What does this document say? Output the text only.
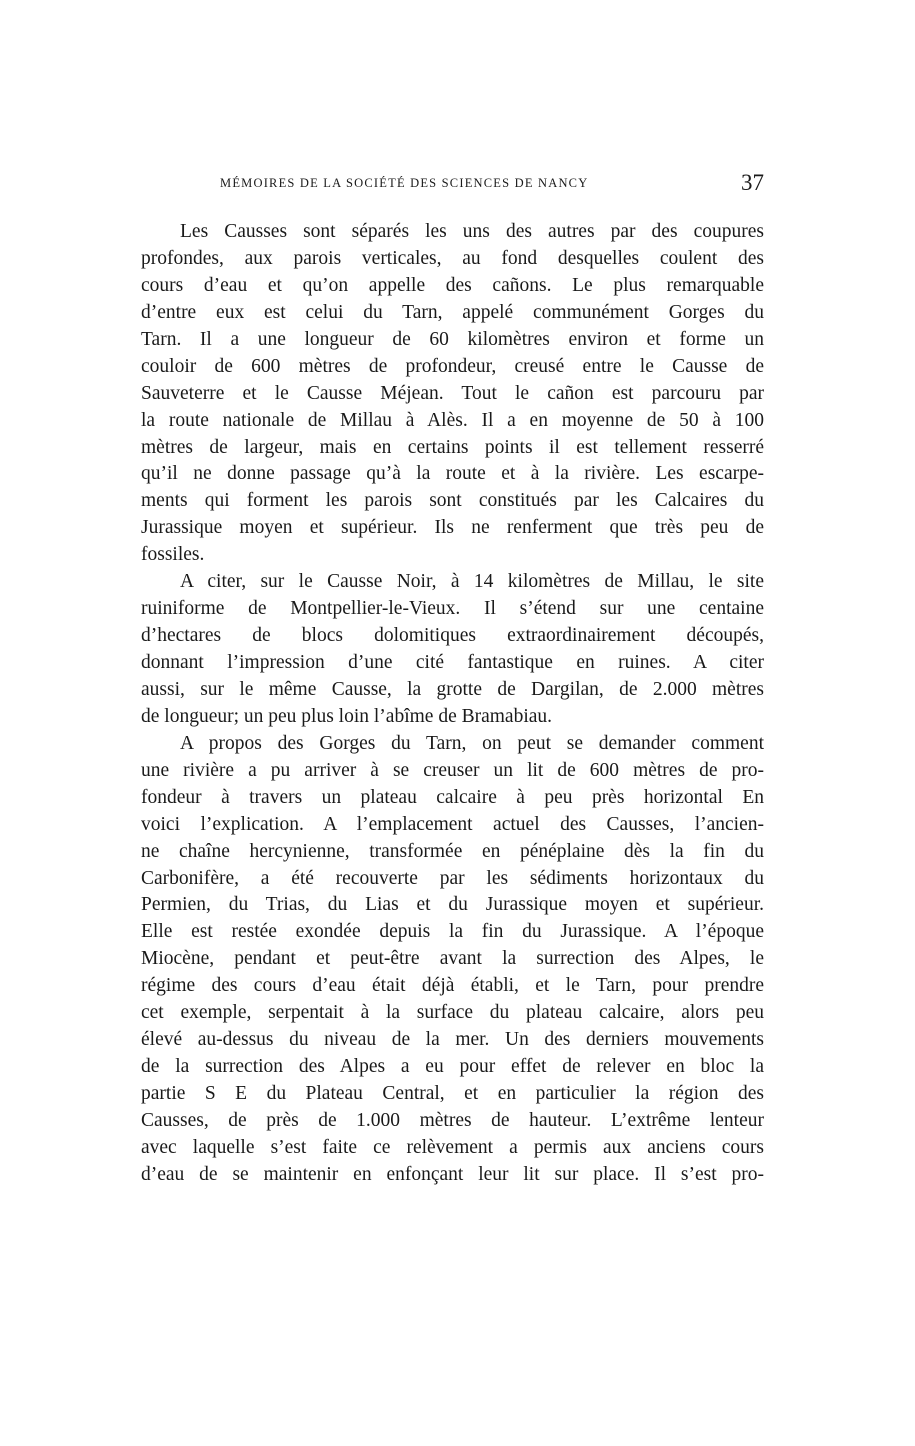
MÉMOIRES DE LA SOCIÉTÉ DES SCIENCES DE NANCY	37
Les Causses sont séparés les uns des autres par des coupures
profondes, aux parois verticales, au fond desquelles coulent des
cours d’eau et qu’on appelle des cañons. Le plus remarquable
d’entre eux est celui du Tarn, appelé communément Gorges du
Tarn. Il a une longueur de 60 kilomètres environ et forme un
couloir de 600 mètres de profondeur, creusé entre le Causse de
Sauveterre et le Causse Méjean. Tout le cañon est parcouru par
la route nationale de Millau à Alès. Il a en moyenne de 50 à 100
mètres de largeur, mais en certains points il est tellement resserré
qu’il ne donne passage qu’à la route et à la rivière. Les escarpe-
ments qui forment les parois sont constitués par les Calcaires du
Jurassique moyen et supérieur. Ils ne renferment que très peu de
fossiles.
A citer, sur le Causse Noir, à 14 kilomètres de Millau, le site
ruiniforme de Montpellier-le-Vieux. Il s’étend sur une centaine
d’hectares de blocs dolomitiques extraordinairement découpés,
donnant l’impression d’une cité fantastique en ruines. A citer
aussi, sur le même Causse, la grotte de Dargilan, de 2.000 mètres
de longueur; un peu plus loin l’abîme de Bramabiau.
A propos des Gorges du Tarn, on peut se demander comment
une rivière a pu arriver à se creuser un lit de 600 mètres de pro-
fondeur à travers un plateau calcaire à peu près horizontal En
voici l’explication. A l’emplacement actuel des Causses, l’ancien-
ne chaîne hercynienne, transformée en pénéplaine dès la fin du
Carbonifère, a été recouverte par les sédiments horizontaux du
Permien, du Trias, du Lias et du Jurassique moyen et supérieur.
Elle est restée exondée depuis la fin du Jurassique. A l’époque
Miocène, pendant et peut-être avant la surrection des Alpes, le
régime des cours d’eau était déjà établi, et le Tarn, pour prendre
cet exemple, serpentait à la surface du plateau calcaire, alors peu
élevé au-dessus du niveau de la mer. Un des derniers mouvements
de la surrection des Alpes a eu pour effet de relever en bloc la
partie S E du Plateau Central, et en particulier la région des
Causses, de près de 1.000 mètres de hauteur. L’extrême lenteur
avec laquelle s’est faite ce relèvement a permis aux anciens cours
d’eau de se maintenir en enfonçant leur lit sur place. Il s’est pro-
